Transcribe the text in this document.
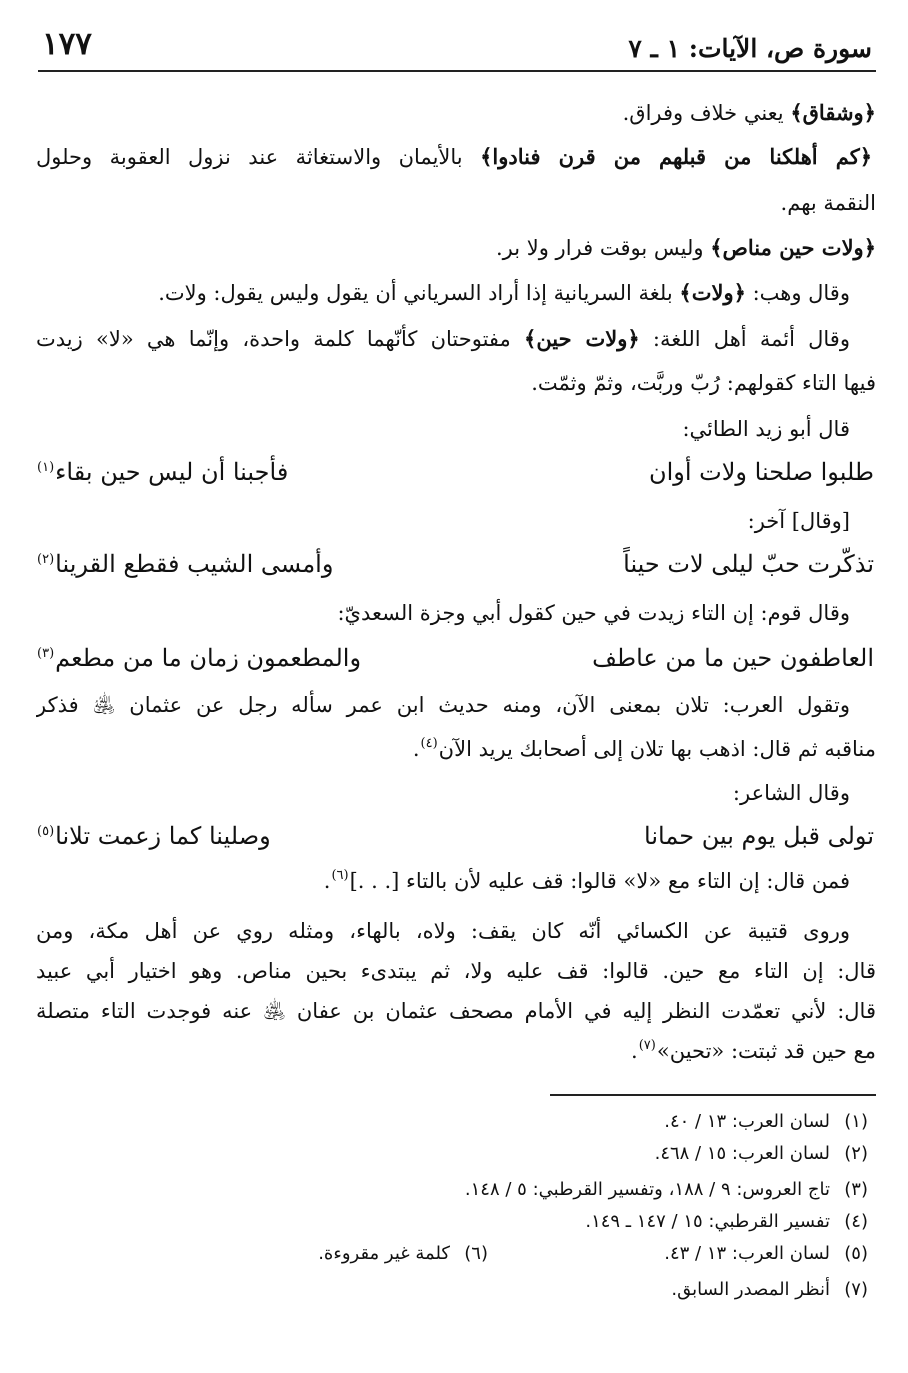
سورة ص، الآيات: ١ ـ ٧
١٧٧
﴿وشقاق﴾ يعني خلاف وفراق.
﴿كم أهلكنا من قبلهم من قرن فنادوا﴾ بالأيمان والاستغاثة عند نزول العقوبة وحلول
النقمة بهم.
﴿ولات حين مناص﴾ وليس بوقت فرار ولا بر.
وقال وهب: ﴿ولات﴾ بلغة السريانية إذا أراد السرياني أن يقول وليس يقول: ولات.
وقال أئمة أهل اللغة: ﴿ولات حين﴾ مفتوحتان كأنّهما كلمة واحدة، وإنّما هي «لا» زيدت
فيها التاء كقولهم: رُبّ وربَّت، وثمّ وثمّت.
قال أبو زيد الطائي:
طلبوا صلحنا ولات أوان
فأجبنا أن ليس حين بقاء$^{(١)}$
[وقال] آخر:
تذكّرت حبّ ليلى لات حيناً
وأمسى الشيب فقطع القرينا$^{(٢)}$
وقال قوم: إن التاء زيدت في حين كقول أبي وجزة السعديّ:
العاطفون حين ما من عاطف
والمطعمون زمان ما من مطعم$^{(٣)}$
وتقول العرب: تلان بمعنى الآن، ومنه حديث ابن عمر سأله رجل عن عثمان ﵁ فذكر
مناقبه ثم قال: اذهب بها تلان إلى أصحابك يريد الآن$^{(٤)}$.
وقال الشاعر:
تولى قبل يوم بين حمانا
وصلينا كما زعمت تلانا$^{(٥)}$
فمن قال: إن التاء مع «لا» قالوا: قف عليه لأن بالتاء [. . .]$^{(٦)}$.
وروى قتيبة عن الكسائي أنّه كان يقف: ولاه، بالهاء، ومثله روي عن أهل مكة، ومن
قال: إن التاء مع حين. قالوا: قف عليه ولا، ثم يبتدىء بحين مناص. وهو اختيار أبي عبيد
قال: لأني تعمّدت النظر إليه في الأمام مصحف عثمان بن عفان ﵁ عنه فوجدت التاء متصلة
مع حين قد ثبتت: «تحين»$^{(٧)}$.
(١)لسان العرب: ١٣ / ٤٠.
(٢)لسان العرب: ١٥ / ٤٦٨.
(٣)تاج العروس: ٩ / ١٨٨، وتفسير القرطبي: ٥ / ١٤٨.
(٤)تفسير القرطبي: ١٥ / ١٤٧ ـ ١٤٩.
(٥)لسان العرب: ١٣ / ٤٣.
(٦)كلمة غير مقروءة.
(٧)أنظر المصدر السابق.
